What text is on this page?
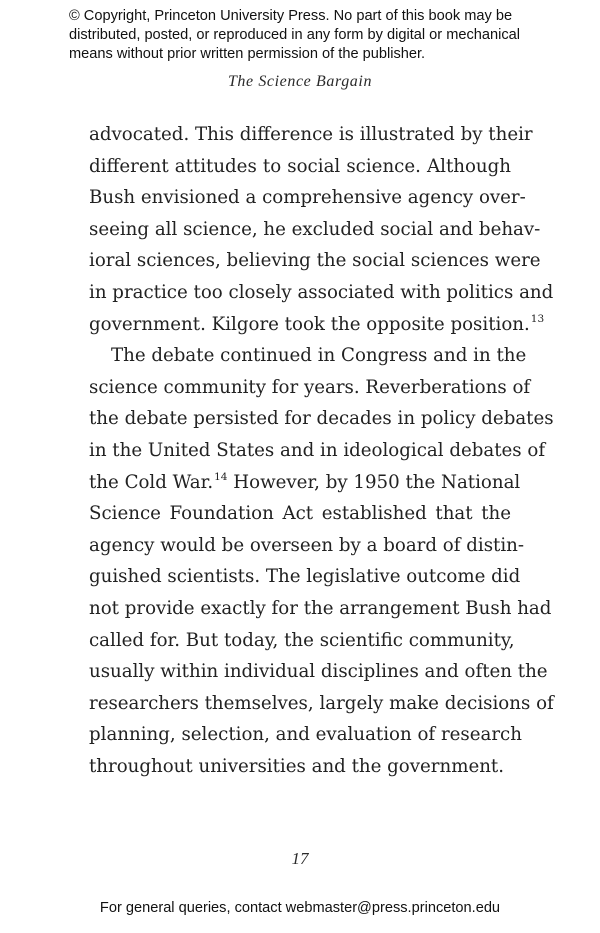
© Copyright, Princeton University Press. No part of this book may be
distributed, posted, or reproduced in any form by digital or mechanical
means without prior written permission of the publisher.
The Science Bargain
advocated. This difference is illustrated by their
different attitudes to social science. Although
Bush envisioned a comprehensive agency over-
seeing all science, he excluded social and behav-
ioral sciences, believing the social sciences were
in practice too closely associated with politics and
government. Kilgore took the opposite position.$^{13}$
The debate continued in Congress and in the
science community for years. Reverberations of
the debate persisted for decades in policy debates
in the United States and in ideological debates of
the Cold War.$^{14}$ However, by 1950 the National
Science Foundation Act established that the
agency would be overseen by a board of distin-
guished scientists. The legislative outcome did
not provide exactly for the arrangement Bush had
called for. But today, the scientific community,
usually within individual disciplines and often the
researchers themselves, largely make decisions of
planning, selection, and evaluation of research
throughout universities and the government.
17
For general queries, contact webmaster@press.princeton.edu
